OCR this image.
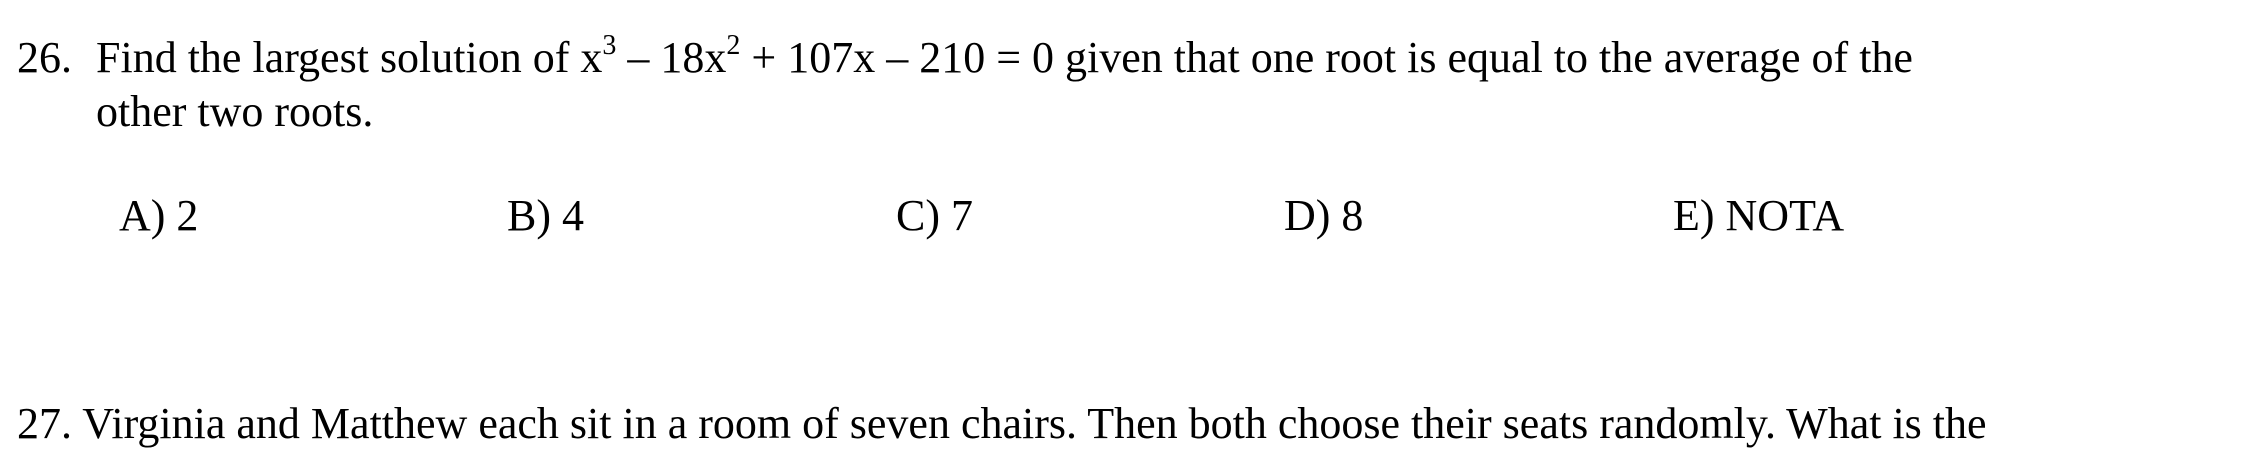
26. Find the largest solution of $x^3 - 18x^2 + 107x - 210 = 0$ given that one root is equal to the average of the
other two roots.
A) 2	B) 4	C) 7	D) 8	E) NOTA
27. Virginia and Matthew each sit in a room of seven chairs. Then both choose their seats randomly. What is the
